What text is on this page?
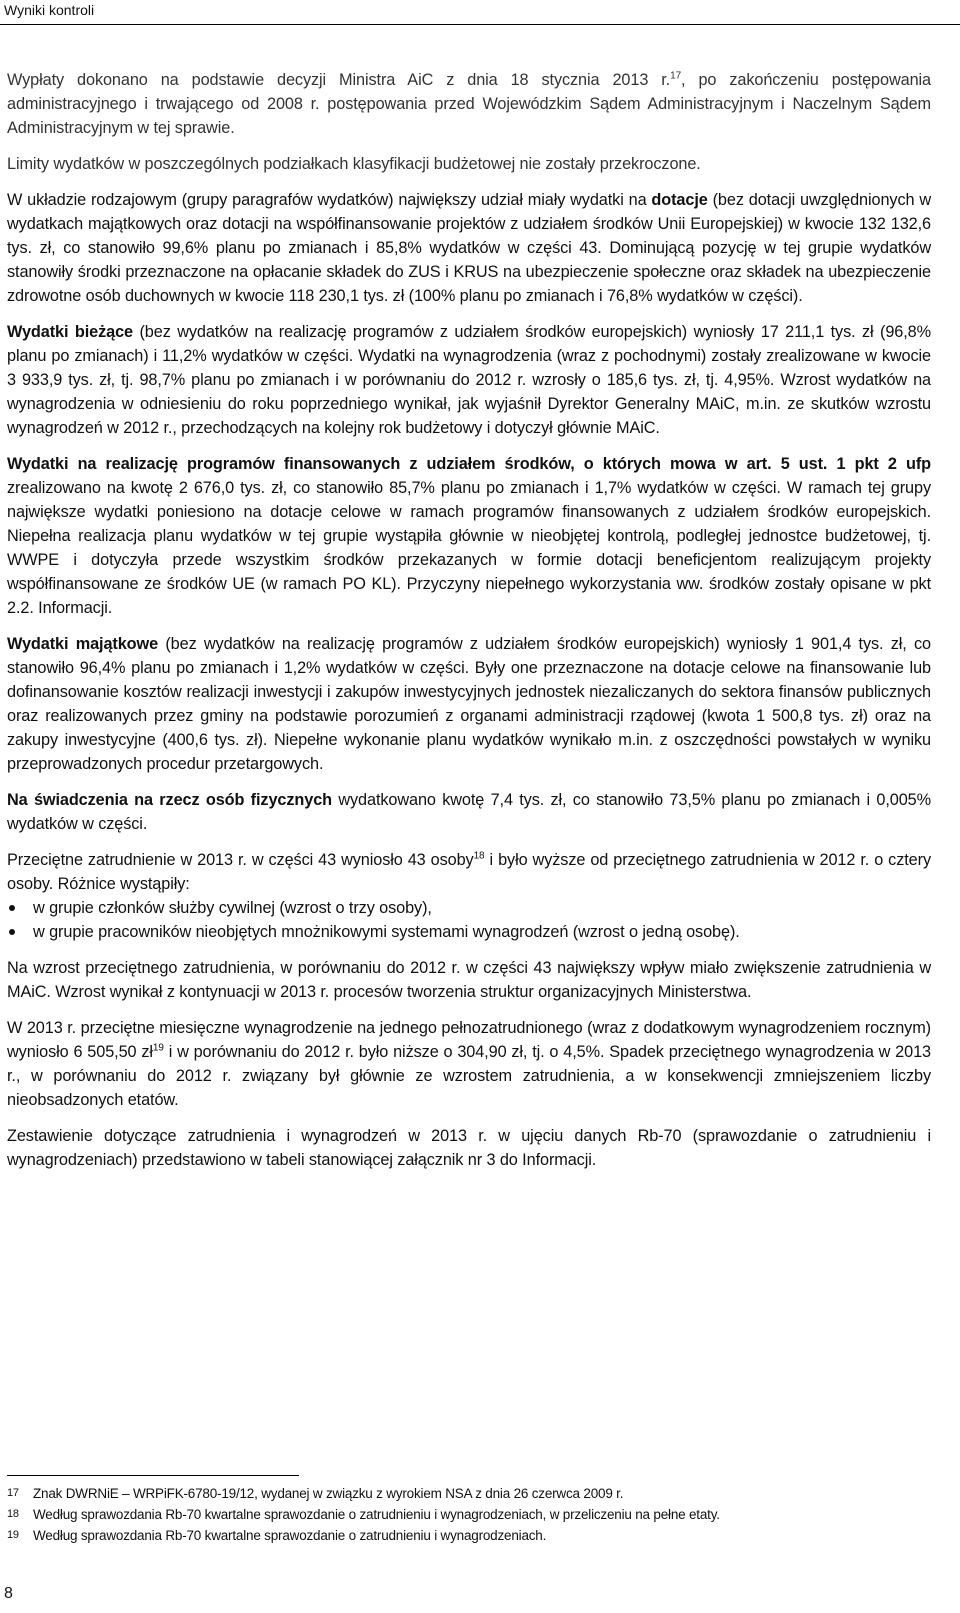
Wyniki kontroli

Wypłaty dokonano na podstawie decyzji Ministra AiC z dnia 18 stycznia 2013 r.$^{17}$, po zakończeniu postępowania administracyjnego i trwającego od 2008 r. postępowania przed Wojewódzkim Sądem Administracyjnym i Naczelnym Sądem Administracyjnym w tej sprawie.

Limity wydatków w poszczególnych podziałkach klasyfikacji budżetowej nie zostały przekroczone.

W układzie rodzajowym (grupy paragrafów wydatków) największy udział miały wydatki na dotacje (bez dotacji uwzględnionych w wydatkach majątkowych oraz dotacji na współfinansowanie projektów z udziałem środków Unii Europejskiej) w kwocie 132 132,6 tys. zł, co stanowiło 99,6% planu po zmianach i 85,8% wydatków w części 43. Dominującą pozycję w tej grupie wydatków stanowiły środki przeznaczone na opłacanie składek do ZUS i KRUS na ubezpieczenie społeczne oraz składek na ubezpieczenie zdrowotne osób duchownych w kwocie 118 230,1 tys. zł (100% planu po zmianach i 76,8% wydatków w części).

Wydatki bieżące (bez wydatków na realizację programów z udziałem środków europejskich) wyniosły 17 211,1 tys. zł (96,8% planu po zmianach) i 11,2% wydatków w części. Wydatki na wynagrodzenia (wraz z pochodnymi) zostały zrealizowane w kwocie 3 933,9 tys. zł, tj. 98,7% planu po zmianach i w porównaniu do 2012 r. wzrosły o 185,6 tys. zł, tj. 4,95%. Wzrost wydatków na wynagrodzenia w odniesieniu do roku poprzedniego wynikał, jak wyjaśnił Dyrektor Generalny MAiC, m.in. ze skutków wzrostu wynagrodzeń w 2012 r., przechodzących na kolejny rok budżetowy i dotyczył głównie MAiC.

Wydatki na realizację programów finansowanych z udziałem środków, o których mowa w art. 5 ust. 1 pkt 2 ufp zrealizowano na kwotę 2 676,0 tys. zł, co stanowiło 85,7% planu po zmianach i 1,7% wydatków w części. W ramach tej grupy największe wydatki poniesiono na dotacje celowe w ramach programów finansowanych z udziałem środków europejskich. Niepełna realizacja planu wydatków w tej grupie wystąpiła głównie w nieobjętej kontrolą, podległej jednostce budżetowej, tj. WWPE i dotyczyła przede wszystkim środków przekazanych w formie dotacji beneficjentom realizującym projekty współfinansowane ze środków UE (w ramach PO KL). Przyczyny niepełnego wykorzystania ww. środków zostały opisane w pkt 2.2. Informacji.

Wydatki majątkowe (bez wydatków na realizację programów z udziałem środków europejskich) wyniosły 1 901,4 tys. zł, co stanowiło 96,4% planu po zmianach i 1,2% wydatków w części. Były one przeznaczone na dotacje celowe na finansowanie lub dofinansowanie kosztów realizacji inwestycji i zakupów inwestycyjnych jednostek niezaliczanych do sektora finansów publicznych oraz realizowanych przez gminy na podstawie porozumień z organami administracji rządowej (kwota 1 500,8 tys. zł) oraz na zakupy inwestycyjne (400,6 tys. zł). Niepełne wykonanie planu wydatków wynikało m.in. z oszczędności powstałych w wyniku przeprowadzonych procedur przetargowych.

Na świadczenia na rzecz osób fizycznych wydatkowano kwotę 7,4 tys. zł, co stanowiło 73,5% planu po zmianach i 0,005% wydatków w części.

Przeciętne zatrudnienie w 2013 r. w części 43 wyniosło 43 osoby$^{18}$ i było wyższe od przeciętnego zatrudnienia w 2012 r. o cztery osoby. Różnice wystąpiły:

w grupie członków służby cywilnej (wzrost o trzy osoby),
w grupie pracowników nieobjętych mnożnikowymi systemami wynagrodzeń (wzrost o jedną osobę).

Na wzrost przeciętnego zatrudnienia, w porównaniu do 2012 r. w części 43 największy wpływ miało zwiększenie zatrudnienia w MAiC. Wzrost wynikał z kontynuacji w 2013 r. procesów tworzenia struktur organizacyjnych Ministerstwa.

W 2013 r. przeciętne miesięczne wynagrodzenie na jednego pełnozatrudnionego (wraz z dodatkowym wynagrodzeniem rocznym) wyniosło 6 505,50 $zł^{19}$ i w porównaniu do 2012 r. było niższe o 304,90 zł, tj. o 4,5%. Spadek przeciętnego wynagrodzenia w 2013 r., w porównaniu do 2012 r. związany był głównie ze wzrostem zatrudnienia, a w konsekwencji zmniejszeniem liczby nieobsadzonych etatów.

Zestawienie dotyczące zatrudnienia i wynagrodzeń w 2013 r. w ujęciu danych Rb-70 (sprawozdanie o zatrudnieniu i wynagrodzeniach) przedstawiono w tabeli stanowiącej załącznik nr 3 do Informacji.

17	Znak DWRNiE – WRPiFK-6780-19/12, wydanej w związku z wyrokiem NSA z dnia 26 czerwca 2009 r.
18	Według sprawozdania Rb-70 kwartalne sprawozdanie o zatrudnieniu i wynagrodzeniach, w przeliczeniu na pełne etaty.
19	Według sprawozdania Rb-70 kwartalne sprawozdanie o zatrudnieniu i wynagrodzeniach.
8
